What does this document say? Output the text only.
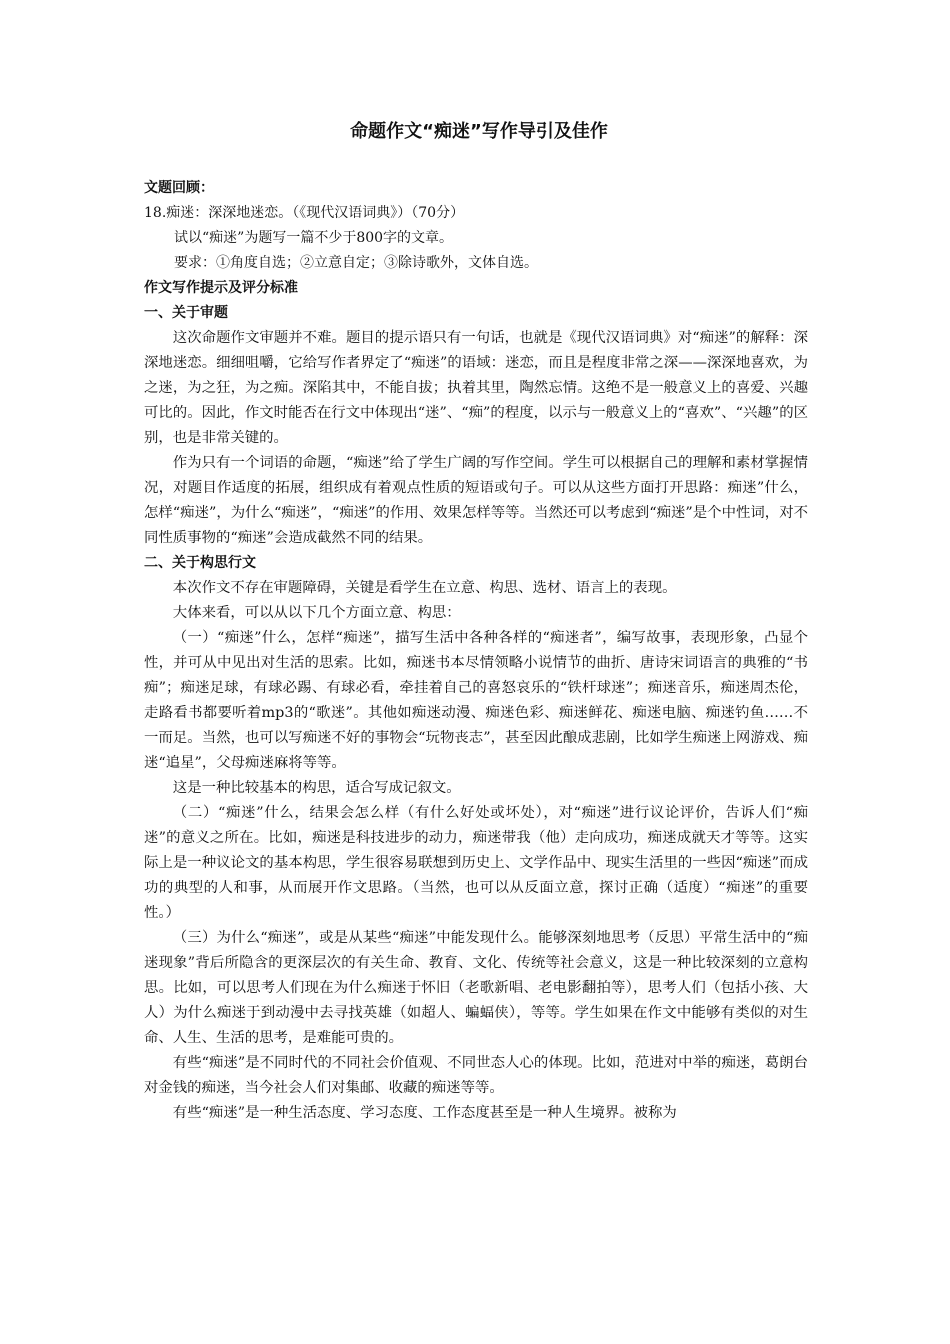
命题作文“痴迷”写作导引及佳作

文题回顾：

18.痴迷：深深地迷恋。（《现代汉语词典》）（70分）

试以“痴迷”为题写一篇不少于800字的文章。

要求：①角度自选；②立意自定；③除诗歌外，文体自选。

作文写作提示及评分标准

一、关于审题

这次命题作文审题并不难。题目的提示语只有一句话，也就是《现代汉语词典》对“痴迷”的解释：深深地迷恋。细细咀嚼，它给写作者界定了“痴迷”的语域：迷恋，而且是程度非常之深——深深地喜欢，为之迷，为之狂，为之痴。深陷其中，不能自拔；执着其里，陶然忘情。这绝不是一般意义上的喜爱、兴趣可比的。因此，作文时能否在行文中体现出“迷”、“痴”的程度，以示与一般意义上的“喜欢”、“兴趣”的区别，也是非常关键的。

作为只有一个词语的命题，“痴迷”给了学生广阔的写作空间。学生可以根据自己的理解和素材掌握情况，对题目作适度的拓展，组织成有着观点性质的短语或句子。可以从这些方面打开思路：痴迷”什么，怎样“痴迷”，为什么“痴迷”，“痴迷”的作用、效果怎样等等。当然还可以考虑到“痴迷”是个中性词，对不同性质事物的“痴迷”会造成截然不同的结果。

二、关于构思行文

本次作文不存在审题障碍，关键是看学生在立意、构思、选材、语言上的表现。

大体来看，可以从以下几个方面立意、构思：

（一）“痴迷”什么，怎样“痴迷”，描写生活中各种各样的“痴迷者”，编写故事，表现形象，凸显个性，并可从中见出对生活的思索。比如，痴迷书本尽情领略小说情节的曲折、唐诗宋词语言的典雅的“书痴”；痴迷足球，有球必踢、有球必看，牵挂着自己的喜怒哀乐的“铁杆球迷”；痴迷音乐，痴迷周杰伦，走路看书都要听着mp3的“歌迷”。其他如痴迷动漫、痴迷色彩、痴迷鲜花、痴迷电脑、痴迷钓鱼……不一而足。当然，也可以写痴迷不好的事物会“玩物丧志”，甚至因此酿成悲剧，比如学生痴迷上网游戏、痴迷“追星”，父母痴迷麻将等等。

这是一种比较基本的构思，适合写成记叙文。

（二）“痴迷”什么，结果会怎么样（有什么好处或坏处），对“痴迷”进行议论评价，告诉人们“痴迷”的意义之所在。比如，痴迷是科技进步的动力，痴迷带我（他）走向成功，痴迷成就天才等等。这实际上是一种议论文的基本构思，学生很容易联想到历史上、文学作品中、现实生活里的一些因“痴迷”而成功的典型的人和事，从而展开作文思路。（当然，也可以从反面立意，探讨正确（适度）“痴迷”的重要性。）

（三）为什么“痴迷”，或是从某些“痴迷”中能发现什么。能够深刻地思考（反思）平常生活中的“痴迷现象”背后所隐含的更深层次的有关生命、教育、文化、传统等社会意义，这是一种比较深刻的立意构思。比如，可以思考人们现在为什么痴迷于怀旧（老歌新唱、老电影翻拍等），思考人们（包括小孩、大人）为什么痴迷于到动漫中去寻找英雄（如超人、蝙蝠侠），等等。学生如果在作文中能够有类似的对生命、人生、生活的思考，是难能可贵的。

有些“痴迷”是不同时代的不同社会价值观、不同世态人心的体现。比如，范进对中举的痴迷，葛朗台对金钱的痴迷，当今社会人们对集邮、收藏的痴迷等等。

有些“痴迷”是一种生活态度、学习态度、工作态度甚至是一种人生境界。被称为
